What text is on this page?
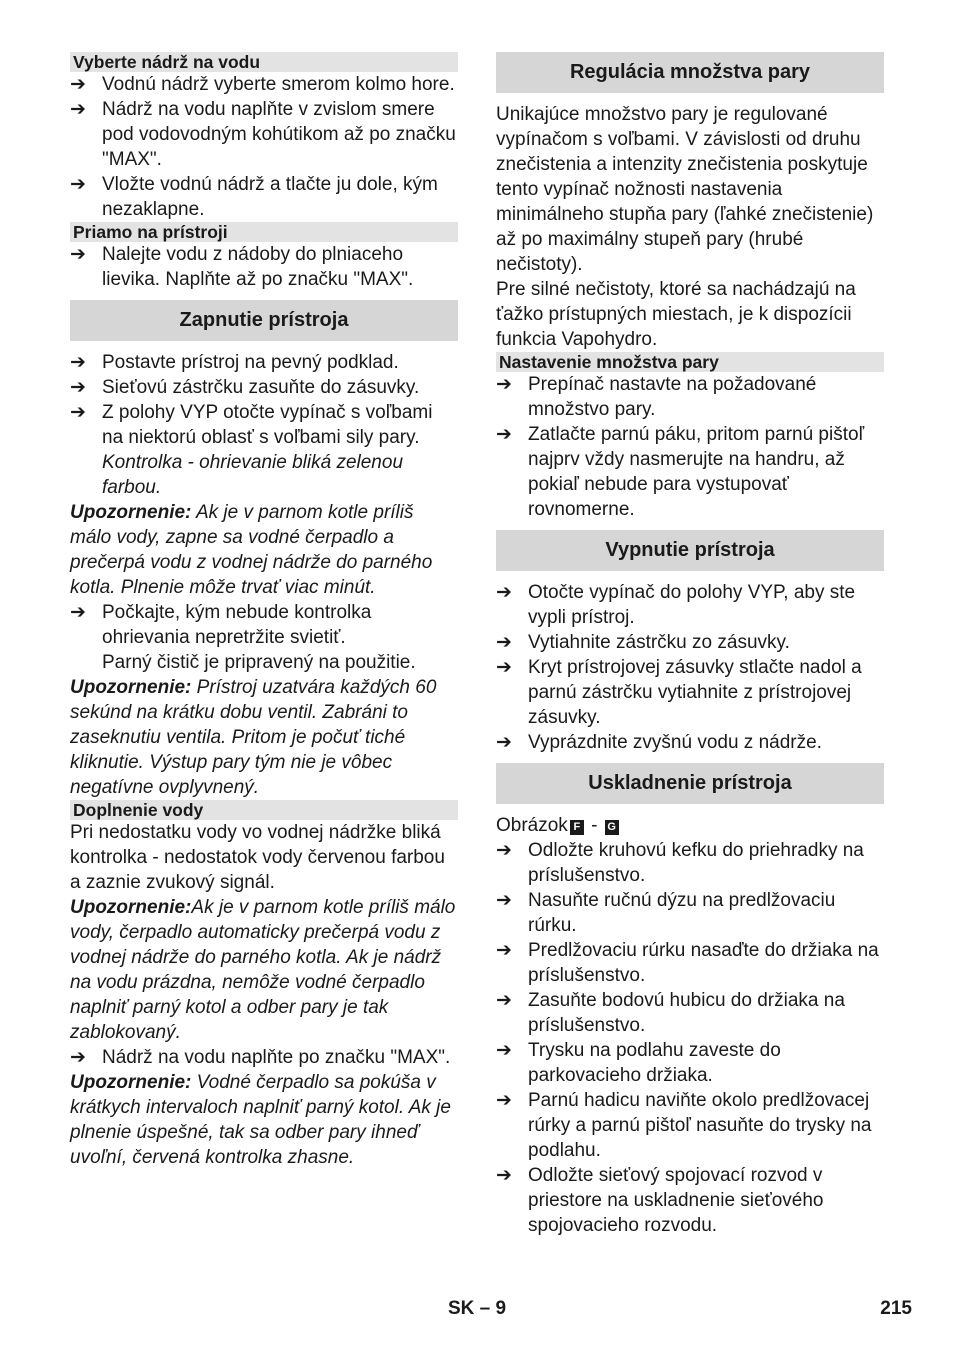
Vyberte nádrž na vodu
➔ Vodnú nádrž vyberte smerom kolmo hore.
➔ Nádrž na vodu naplňte v zvislom smere pod vodovodným kohútikom až po značku "MAX".
➔ Vložte vodnú nádrž a tlačte ju dole, kým nezaklapne.
Priamo na prístroji
➔ Nalejte vodu z nádoby do plniaceho lievika. Naplňte až po značku "MAX".
Zapnutie prístroja
➔ Postavte prístroj na pevný podklad.
➔ Sieťovú zástrčku zasuňte do zásuvky.
➔ Z polohy VYP otočte vypínač s voľbami na niektorú oblasť s voľbami sily pary.
Kontrolka - ohrievanie bliká zelenou farbou.

Upozornenie: Ak je v parnom kotle príliš málo vody, zapne sa vodné čerpadlo a prečerpá vodu z vodnej nádrže do parného kotla. Plnenie môže trvať viac minút.

➔ Počkajte, kým nebude kontrolka ohrievania nepretržite svietiť.

Parný čistič je pripravený na použitie.

Upozornenie: Prístroj uzatvára každých 60 sekúnd na krátku dobu ventil. Zabráni to zaseknutiu ventila. Pritom je počuť tiché kliknutie. Výstup pary tým nie je vôbec negatívne ovplyvnený.

Doplnenie vody

Pri nedostatku vody vo vodnej nádržke bliká kontrolka - nedostatok vody červenou farbou a zaznie zvukový signál.

Upozornenie:Ak je v parnom kotle príliš málo vody, čerpadlo automaticky prečerpá vodu z vodnej nádrže do parného kotla. Ak je nádrž na vodu prázdna, nemôže vodné čerpadlo naplniť parný kotol a odber pary je tak zablokovaný.

➔ Nádrž na vodu naplňte po značku "MAX".

Upozornenie: Vodné čerpadlo sa pokúša v krátkych intervaloch naplniť parný kotol. Ak je plnenie úspešné, tak sa odber pary ihneď uvoľní, červená kontrolka zhasne.

Regulácia množstva pary

Unikajúce množstvo pary je regulované vypínačom s voľbami. V závislosti od druhu znečistenia a intenzity znečistenia poskytuje tento vypínač nožnosti nastavenia minimálneho stupňa pary (ľahké znečistenie) až po maximálny stupeň pary (hrubé nečistoty).

Pre silné nečistoty, ktoré sa nachádzajú na ťažko prístupných miestach, je k dispozícii funkcia Vapohydro.

Nastavenie množstva pary
➔ Prepínač nastavte na požadované množstvo pary.
➔ Zatlačte parnú páku, pritom parnú pištoľ najprv vždy nasmerujte na handru, až pokiaľ nebude para vystupovať rovnomerne.
Vypnutie prístroja
➔ Otočte vypínač do polohy VYP, aby ste vypli prístroj.
➔ Vytiahnite zástrčku zo zásuvky.
➔ Kryt prístrojovej zásuvky stlačte nadol a parnú zástrčku vytiahnite z prístrojovej zásuvky.
➔ Vyprázdnite zvyšnú vodu z nádrže.
Uskladnenie prístroja

Obrázok F - G

➔ Odložte kruhovú kefku do priehradky na príslušenstvo.
➔ Nasuňte ručnú dýzu na predlžovaciu rúrku.
➔ Predlžovaciu rúrku nasaďte do držiaka na príslušenstvo.
➔ Zasuňte bodovú hubicu do držiaka na príslušenstvo.
➔ Trysku na podlahu zaveste do parkovacieho držiaka.
➔ Parnú hadicu naviňte okolo predlžovacej rúrky a parnú pištoľ nasuňte do trysky na podlahu.
➔ Odložte sieťový spojovací rozvod v priestore na uskladnenie sieťového spojovacieho rozvodu.
SK – 9	215
